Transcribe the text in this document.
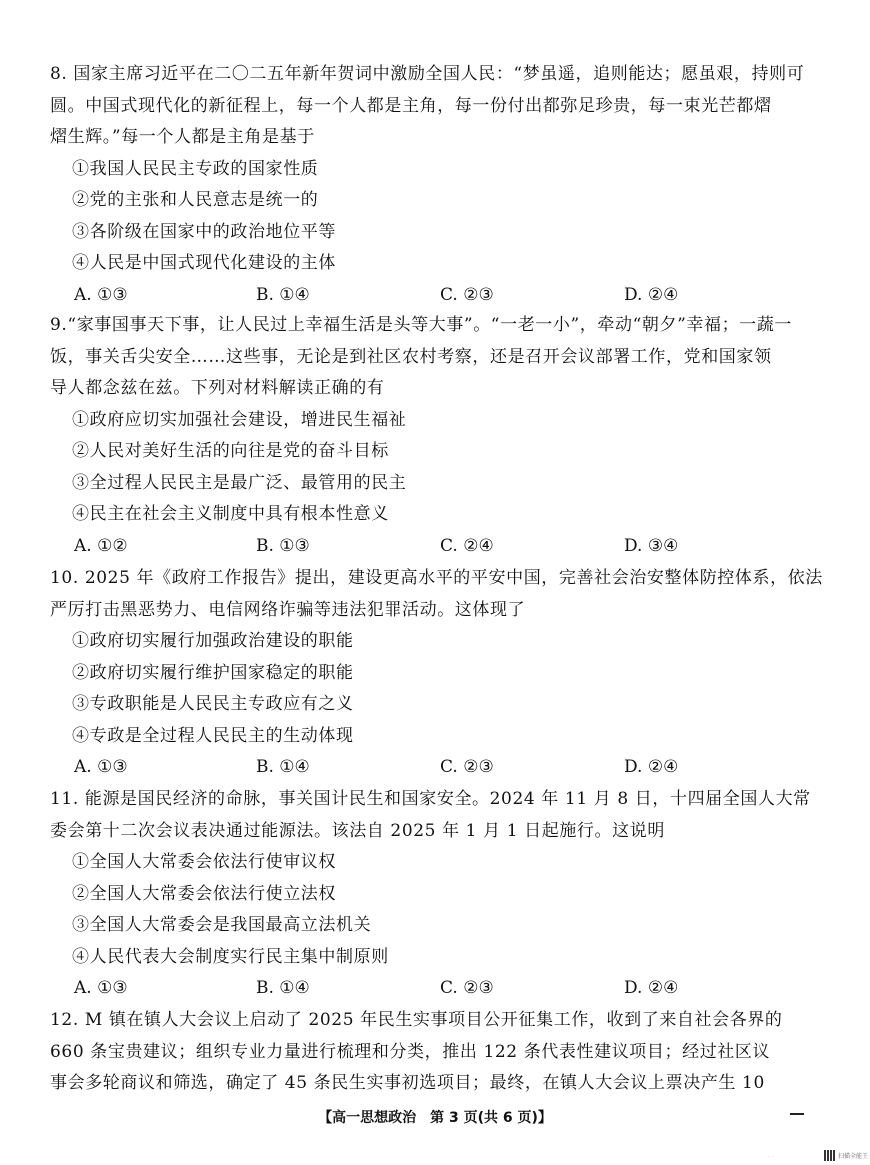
8. 国家主席习近平在二〇二五年新年贺词中激励全国人民：“梦虽遥，追则能达；愿虽艰，持则可
圆。中国式现代化的新征程上，每一个人都是主角，每一份付出都弥足珍贵，每一束光芒都熠
熠生辉。”每一个人都是主角是基于
①我国人民民主专政的国家性质
②党的主张和人民意志是统一的
③各阶级在国家中的政治地位平等
④人民是中国式现代化建设的主体
A. ①③	B. ①④	C. ②③	D. ②④
9.“家事国事天下事，让人民过上幸福生活是头等大事”。“一老一小”，牵动“朝夕”幸福；一蔬一
饭，事关舌尖安全……这些事，无论是到社区农村考察，还是召开会议部署工作，党和国家领
导人都念兹在兹。下列对材料解读正确的有
①政府应切实加强社会建设，增进民生福祉
②人民对美好生活的向往是党的奋斗目标
③全过程人民民主是最广泛、最管用的民主
④民主在社会主义制度中具有根本性意义
A. ①②	B. ①③	C. ②④	D. ③④
10. 2025 年《政府工作报告》提出，建设更高水平的平安中国，完善社会治安整体防控体系，依法
严厉打击黑恶势力、电信网络诈骗等违法犯罪活动。这体现了
①政府切实履行加强政治建设的职能
②政府切实履行维护国家稳定的职能
③专政职能是人民民主专政应有之义
④专政是全过程人民民主的生动体现
A. ①③	B. ①④	C. ②③	D. ②④
11. 能源是国民经济的命脉，事关国计民生和国家安全。2024 年 11 月 8 日，十四届全国人大常
委会第十二次会议表决通过能源法。该法自 2025 年 1 月 1 日起施行。这说明
①全国人大常委会依法行使审议权
②全国人大常委会依法行使立法权
③全国人大常委会是我国最高立法机关
④人民代表大会制度实行民主集中制原则
A. ①③	B. ①④	C. ②③	D. ②④
12. M 镇在镇人大会议上启动了 2025 年民生实事项目公开征集工作，收到了来自社会各界的
660 条宝贵建议；组织专业力量进行梳理和分类，推出 122 条代表性建议项目；经过社区议
事会多轮商议和筛选，确定了 45 条民生实事初选项目；最终，在镇人大会议上票决产生 10
【高一思想政治　第 3 页(共 6 页)】
· ·	扫描全能王
